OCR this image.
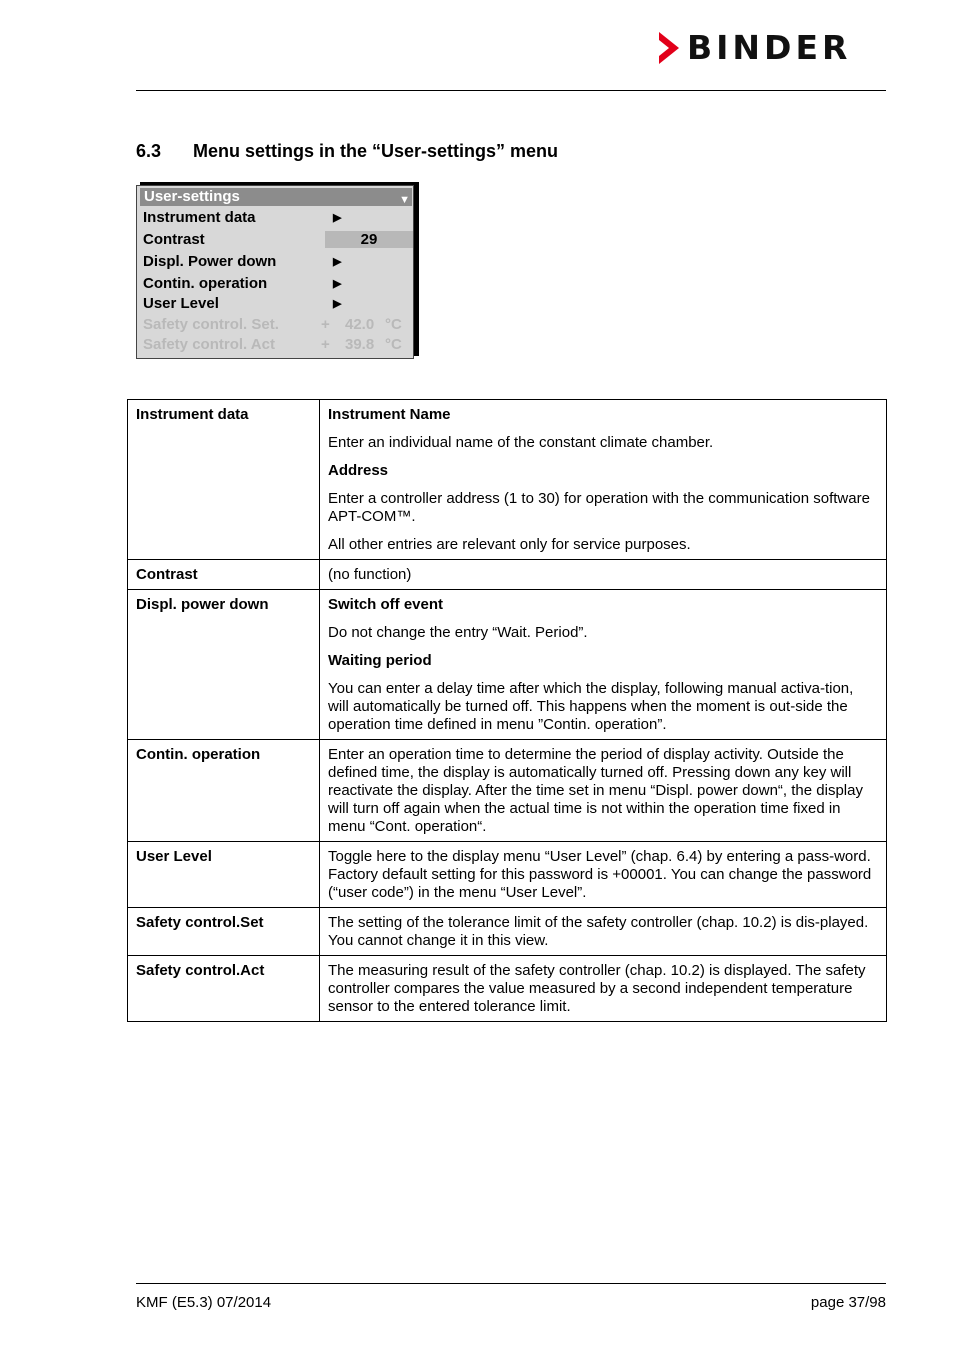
BINDER
6.3 Menu settings in the “User-settings” menu
User-settings	▼
Instrument data	▶
Contrast	29
Displ. Power down	▶
Contin. operation	▶
User Level	▶
Safety control. Set.	+ 42.0 °C
Safety control. Act	+ 39.8 °C
Instrument data	Instrument Name

Enter an individual name of the constant climate chamber.

Address

Enter a controller address (1 to 30) for operation with the communication software APT-COM™.

All other entries are relevant only for service purposes.

Contrast	(no function)
Displ. power down	Switch off event

Do not change the entry “Wait. Period”.

Waiting period

You can enter a delay time after which the display, following manual activa-tion, will automatically be turned off. This happens when the moment is out-side the operation time defined in menu ”Contin. operation”.

Contin. operation	Enter an operation time to determine the period of display activity. Outside the defined time, the display is automatically turned off. Pressing down any key will reactivate the display. After the time set in menu “Displ. power down“, the display will turn off again when the actual time is not within the operation time fixed in menu “Cont. operation“.
User Level	Toggle here to the display menu “User Level” (chap. 6.4) by entering a pass-word. Factory default setting for this password is +00001. You can change the password (“user code”) in the menu “User Level”.
Safety control.Set	The setting of the tolerance limit of the safety controller (chap. 10.2) is dis-played. You cannot change it in this view.
Safety control.Act	The measuring result of the safety controller (chap. 10.2) is displayed. The safety controller compares the value measured by a second independent temperature sensor to the entered tolerance limit.
KMF (E5.3) 07/2014	page 37/98
